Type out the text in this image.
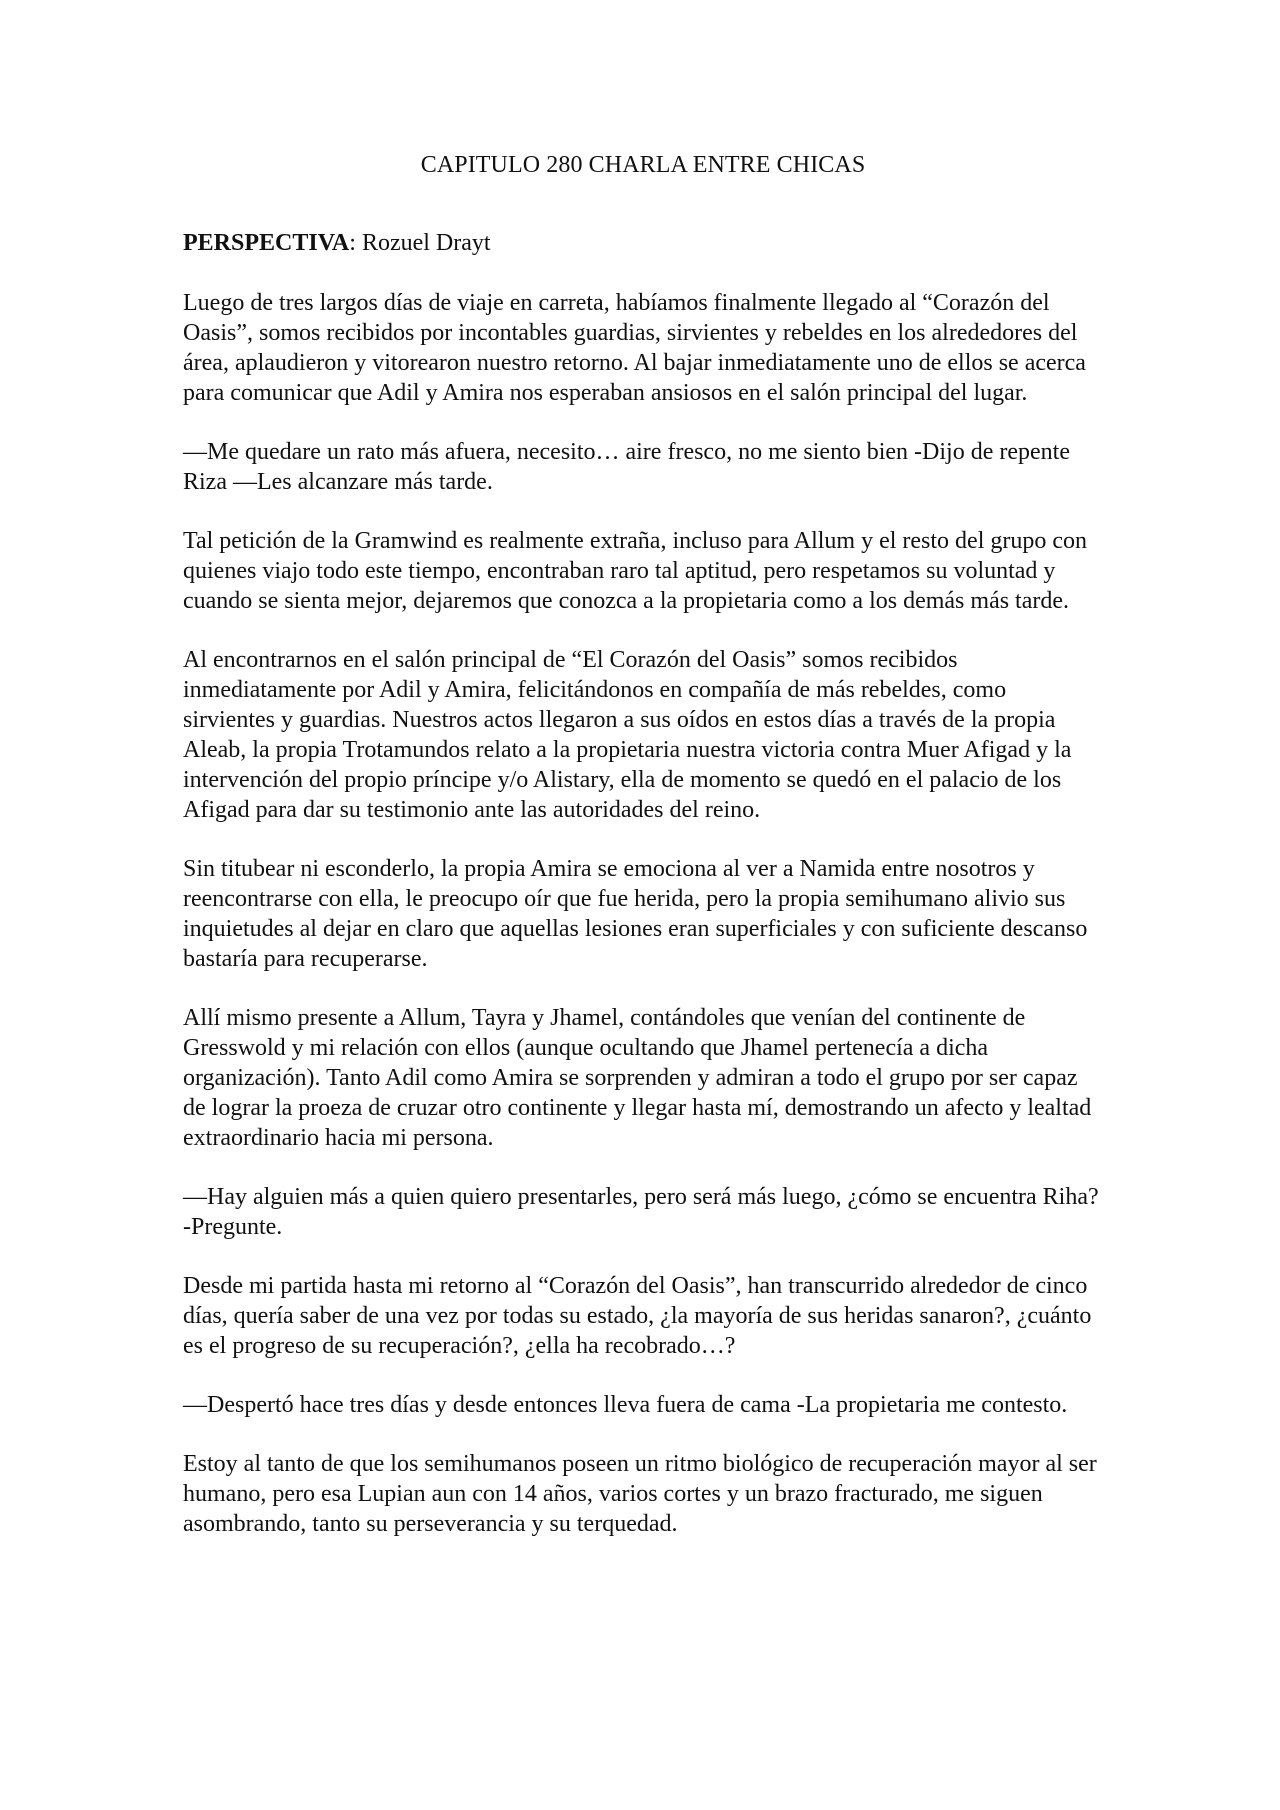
CAPITULO 280 CHARLA ENTRE CHICAS
PERSPECTIVA: Rozuel Drayt

Luego de tres largos días de viaje en carreta, habíamos finalmente llegado al “Corazón del Oasis”, somos recibidos por incontables guardias, sirvientes y rebeldes en los alrededores del área, aplaudieron y vitorearon nuestro retorno. Al bajar inmediatamente uno de ellos se acerca para comunicar que Adil y Amira nos esperaban ansiosos en el salón principal del lugar.

—Me quedare un rato más afuera, necesito… aire fresco, no me siento bien -Dijo de repente Riza —Les alcanzare más tarde.

Tal petición de la Gramwind es realmente extraña, incluso para Allum y el resto del grupo con quienes viajo todo este tiempo, encontraban raro tal aptitud, pero respetamos su voluntad y cuando se sienta mejor, dejaremos que conozca a la propietaria como a los demás más tarde.

Al encontrarnos en el salón principal de “El Corazón del Oasis” somos recibidos inmediatamente por Adil y Amira, felicitándonos en compañía de más rebeldes, como sirvientes y guardias. Nuestros actos llegaron a sus oídos en estos días a través de la propia Aleab, la propia Trotamundos relato a la propietaria nuestra victoria contra Muer Afigad y la intervención del propio príncipe y/o Alistary, ella de momento se quedó en el palacio de los Afigad para dar su testimonio ante las autoridades del reino.

Sin titubear ni esconderlo, la propia Amira se emociona al ver a Namida entre nosotros y reencontrarse con ella, le preocupo oír que fue herida, pero la propia semihumano alivio sus inquietudes al dejar en claro que aquellas lesiones eran superficiales y con suficiente descanso bastaría para recuperarse.

Allí mismo presente a Allum, Tayra y Jhamel, contándoles que venían del continente de Gresswold y mi relación con ellos (aunque ocultando que Jhamel pertenecía a dicha organización). Tanto Adil como Amira se sorprenden y admiran a todo el grupo por ser capaz de lograr la proeza de cruzar otro continente y llegar hasta mí, demostrando un afecto y lealtad extraordinario hacia mi persona.

—Hay alguien más a quien quiero presentarles, pero será más luego, ¿cómo se encuentra Riha? -Pregunte.

Desde mi partida hasta mi retorno al “Corazón del Oasis”, han transcurrido alrededor de cinco días, quería saber de una vez por todas su estado, ¿la mayoría de sus heridas sanaron?, ¿cuánto es el progreso de su recuperación?, ¿ella ha recobrado…?

—Despertó hace tres días y desde entonces lleva fuera de cama -La propietaria me contesto.

Estoy al tanto de que los semihumanos poseen un ritmo biológico de recuperación mayor al ser humano, pero esa Lupian aun con 14 años, varios cortes y un brazo fracturado, me siguen asombrando, tanto su perseverancia y su terquedad.
